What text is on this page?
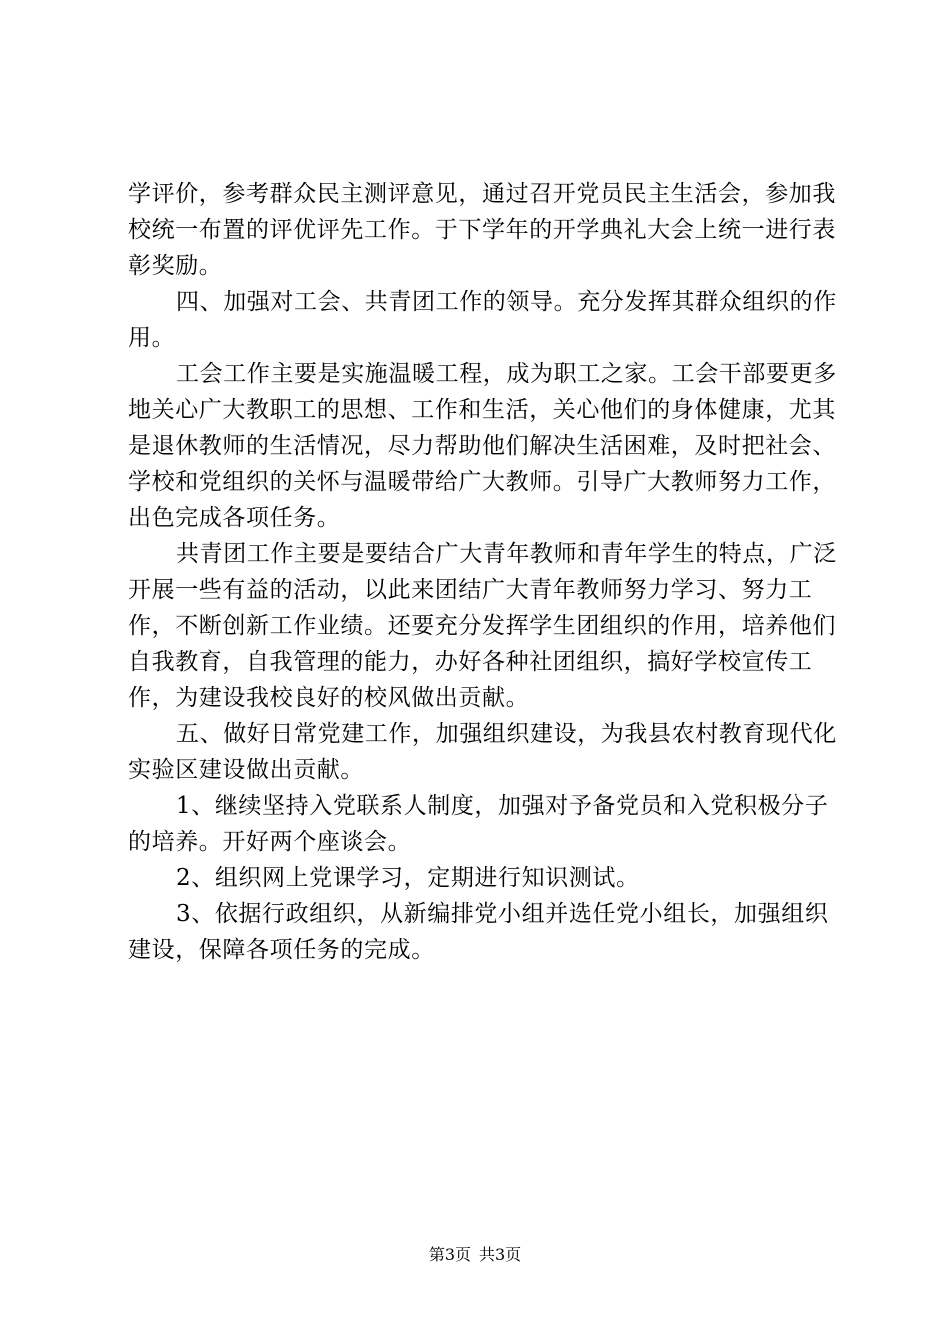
学评价，参考群众民主测评意见，通过召开党员民主生活会，参加我校统一布置的评优评先工作。于下学年的开学典礼大会上统一进行表彰奖励。

四、加强对工会、共青团工作的领导。充分发挥其群众组织的作用。

工会工作主要是实施温暖工程，成为职工之家。工会干部要更多地关心广大教职工的思想、工作和生活，关心他们的身体健康，尤其是退休教师的生活情况，尽力帮助他们解决生活困难，及时把社会、学校和党组织的关怀与温暖带给广大教师。引导广大教师努力工作，出色完成各项任务。

共青团工作主要是要结合广大青年教师和青年学生的特点，广泛开展一些有益的活动，以此来团结广大青年教师努力学习、努力工作，不断创新工作业绩。还要充分发挥学生团组织的作用，培养他们自我教育，自我管理的能力，办好各种社团组织，搞好学校宣传工作，为建设我校良好的校风做出贡献。

五、做好日常党建工作，加强组织建设，为我县农村教育现代化实验区建设做出贡献。

1、继续坚持入党联系人制度，加强对予备党员和入党积极分子的培养。开好两个座谈会。

2、组织网上党课学习，定期进行知识测试。

3、依据行政组织，从新编排党小组并选任党小组长，加强组织建设，保障各项任务的完成。

第3页 共3页
